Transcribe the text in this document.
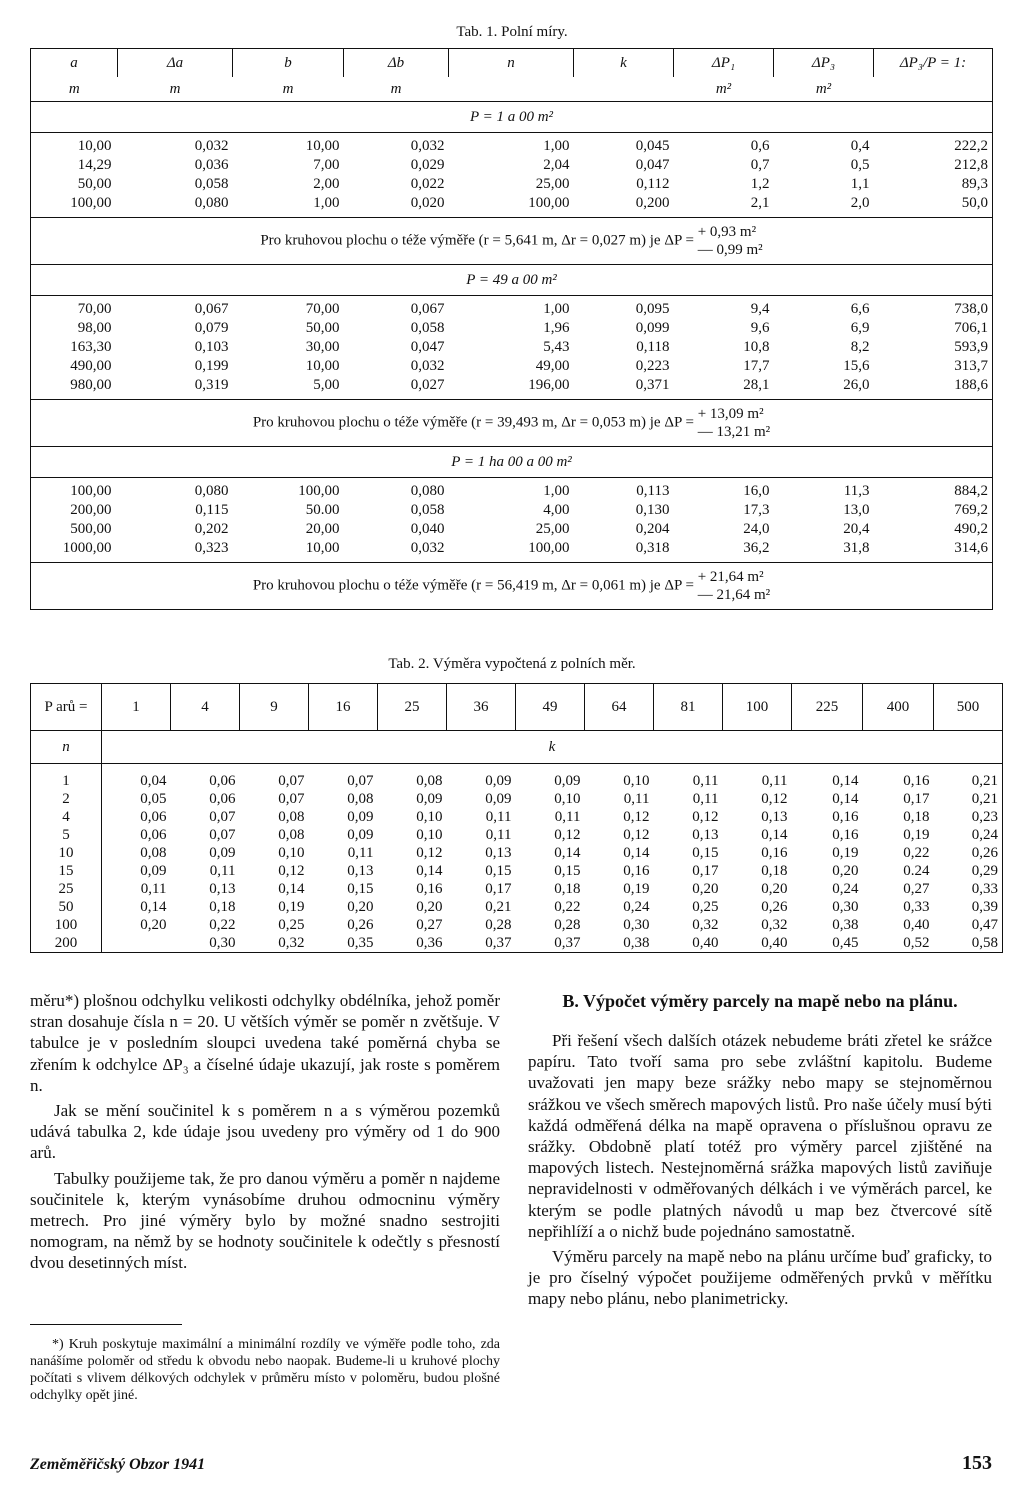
Tab. 1. Polní míry.
a	Δa	b	Δb	n	k	ΔP₁	ΔP₃	ΔP₃/P = 1:
m	m	m	m			m²	m²	
P = 1 a 00 m²								

10,00	0,032	10,00	0,032	1,00	0,045	0,6	0,4	222,2
14,29	0,036	7,00	0,029	2,04	0,047	0,7	0,5	212,8
50,00	0,058	2,00	0,022	25,00	0,112	1,2	1,1	89,3
100,00	0,080	1,00	0,020	100,00	0,200	2,1	2,0	50,0

Pro kruhovou plochu o téže výměře (r = 5,641 m, Δr = 0,027 m) je ΔP =
+ 0,93 m²
— 0,99 m²								

P = 49 a 00 m²								

70,00	0,067	70,00	0,067	1,00	0,095	9,4	6,6	738,0
98,00	0,079	50,00	0,058	1,96	0,099	9,6	6,9	706,1
163,30	0,103	30,00	0,047	5,43	0,118	10,8	8,2	593,9
490,00	0,199	10,00	0,032	49,00	0,223	17,7	15,6	313,7
980,00	0,319	5,00	0,027	196,00	0,371	28,1	26,0	188,6

Pro kruhovou plochu o téže výměře (r = 39,493 m, Δr = 0,053 m) je ΔP =
+ 13,09 m²
— 13,21 m²								

P = 1 ha 00 a 00 m²								

100,00	0,080	100,00	0,080	1,00	0,113	16,0	11,3	884,2
200,00	0,115	50.00	0,058	4,00	0,130	17,3	13,0	769,2
500,00	0,202	20,00	0,040	25,00	0,204	24,0	20,4	490,2
1000,00	0,323	10,00	0,032	100,00	0,318	36,2	31,8	314,6

Pro kruhovou plochu o téže výměře (r = 56,419 m, Δr = 0,061 m) je ΔP =
+ 21,64 m²
— 21,64 m²								
Tab. 2. Výměra vypočtená z polních měr.
P arů =	1	4	9	16	25	36	49	64	81	100	225	400	500
n	k												

1	0,04	0,06	0,07	0,07	0,08	0,09	0,09	0,10	0,11	0,11	0,14	0,16	0,21
2	0,05	0,06	0,07	0,08	0,09	0,09	0,10	0,11	0,11	0,12	0,14	0,17	0,21
4	0,06	0,07	0,08	0,09	0,10	0,11	0,11	0,12	0,12	0,13	0,16	0,18	0,23
5	0,06	0,07	0,08	0,09	0,10	0,11	0,12	0,12	0,13	0,14	0,16	0,19	0,24
10	0,08	0,09	0,10	0,11	0,12	0,13	0,14	0,14	0,15	0,16	0,19	0,22	0,26
15	0,09	0,11	0,12	0,13	0,14	0,15	0,15	0,16	0,17	0,18	0,20	0.24	0,29
25	0,11	0,13	0,14	0,15	0,16	0,17	0,18	0,19	0,20	0,20	0,24	0,27	0,33
50	0,14	0,18	0,19	0,20	0,20	0,21	0,22	0,24	0,25	0,26	0,30	0,33	0,39
100	0,20	0,22	0,25	0,26	0,27	0,28	0,28	0,30	0,32	0,32	0,38	0,40	0,47
200		0,30	0,32	0,35	0,36	0,37	0,37	0,38	0,40	0,40	0,45	0,52	0,58

měru*) plošnou odchylku velikosti odchylky obdélníka, jehož poměr stran dosahuje čísla n = 20. U větších výměr se poměr n zvětšuje. V tabulce je v posledním sloupci uvedena také poměrná chyba se zřením k odchylce ΔP₃ a číselné údaje ukazují, jak roste s poměrem n.

Jak se mění součinitel k s poměrem n a s výměrou pozemků udává tabulka 2, kde údaje jsou uvedeny pro výměry od 1 do 900 arů.

Tabulky použijeme tak, že pro danou výměru a poměr n najdeme součinitele k, kterým vynásobíme druhou odmocninu výměry metrech. Pro jiné výměry bylo by možné snadno sestrojiti nomogram, na němž by se hodnoty součinitele k odečtly s přesností dvou desetinných míst.

*) Kruh poskytuje maximální a minimální rozdíly ve výměře podle toho, zda nanášíme poloměr od středu k obvodu nebo naopak. Budeme-li u kruhové plochy počítati s vlivem délkových odchylek v průměru místo v poloměru, budou plošné odchylky opět jiné.

B. Výpočet výměry parcely na mapě nebo na plánu.

Při řešení všech dalších otázek nebudeme bráti zřetel ke srážce papíru. Tato tvoří sama pro sebe zvláštní kapitolu. Budeme uvažovati jen mapy beze srážky nebo mapy se stejnoměrnou srážkou ve všech směrech mapových listů. Pro naše účely musí býti každá odměřená délka na mapě opravena o příslušnou opravu ze srážky. Obdobně platí totéž pro výměry parcel zjištěné na mapových listech. Nestejnoměrná srážka mapových listů zaviňuje nepravidelnosti v odměřovaných délkách i ve výměrách parcel, ke kterým se podle platných návodů u map bez čtvercové sítě nepřihlíží a o nichž bude pojednáno samostatně.

Výměru parcely na mapě nebo na plánu určíme buď graficky, to je pro číselný výpočet použijeme odměřených prvků v měřítku mapy nebo plánu, nebo planimetricky.

Zeměměřičský Obzor 1941	153
